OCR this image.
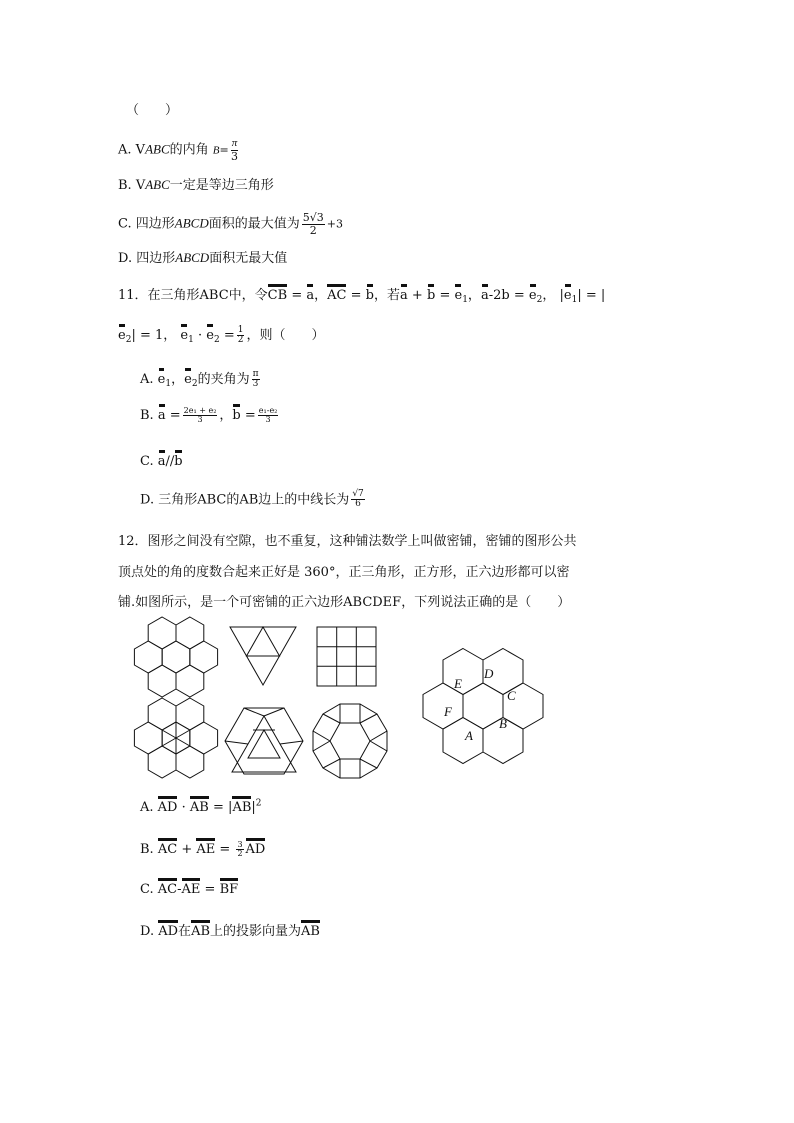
（　　）
A. VABC的内角 $B= \frac{\pi}{3}$
B. VABC一定是等边三角形
C. 四边形ABCD面积的最大值为 $\frac{5√3}{2} +3$
D. 四边形ABCD面积无最大值
11．在三角形ABC中，令CB = a，AC = b，若$a + b = e_1$，$a-2b = e_2$， $|e_1|$ = |
$e_2| = 1$， $e_1 \cdot e_2 = \frac{1}{2}$ ，则（　　）
A. $e_1$，$e_2$的夹角为 $\frac{\pi}{3}$
B. $a = \frac{\text{2e₁ + e₂}}{3}$ ，$b = \frac{\text{e₁-e₂}}{3}$
C. a//b
D. 三角形ABC的AB边上的中线长为 $\frac{√7}{6}$
12．图形之间没有空隙，也不重复，这种铺法数学上叫做密铺，密铺的图形公共
顶点处的角的度数合起来正好是 360°，正三角形，正方形，正六边形都可以密
铺.如图所示，是一个可密铺的正六边形ABCDEF，下列说法正确的是（　　）
A
B
C
D
E
F
A. AD · AB = $|AB|^2$
B. AC + AE = $\frac{3}{2}$ AD
C. AC-AE = BF
D. AD在AB上的投影向量为AB
